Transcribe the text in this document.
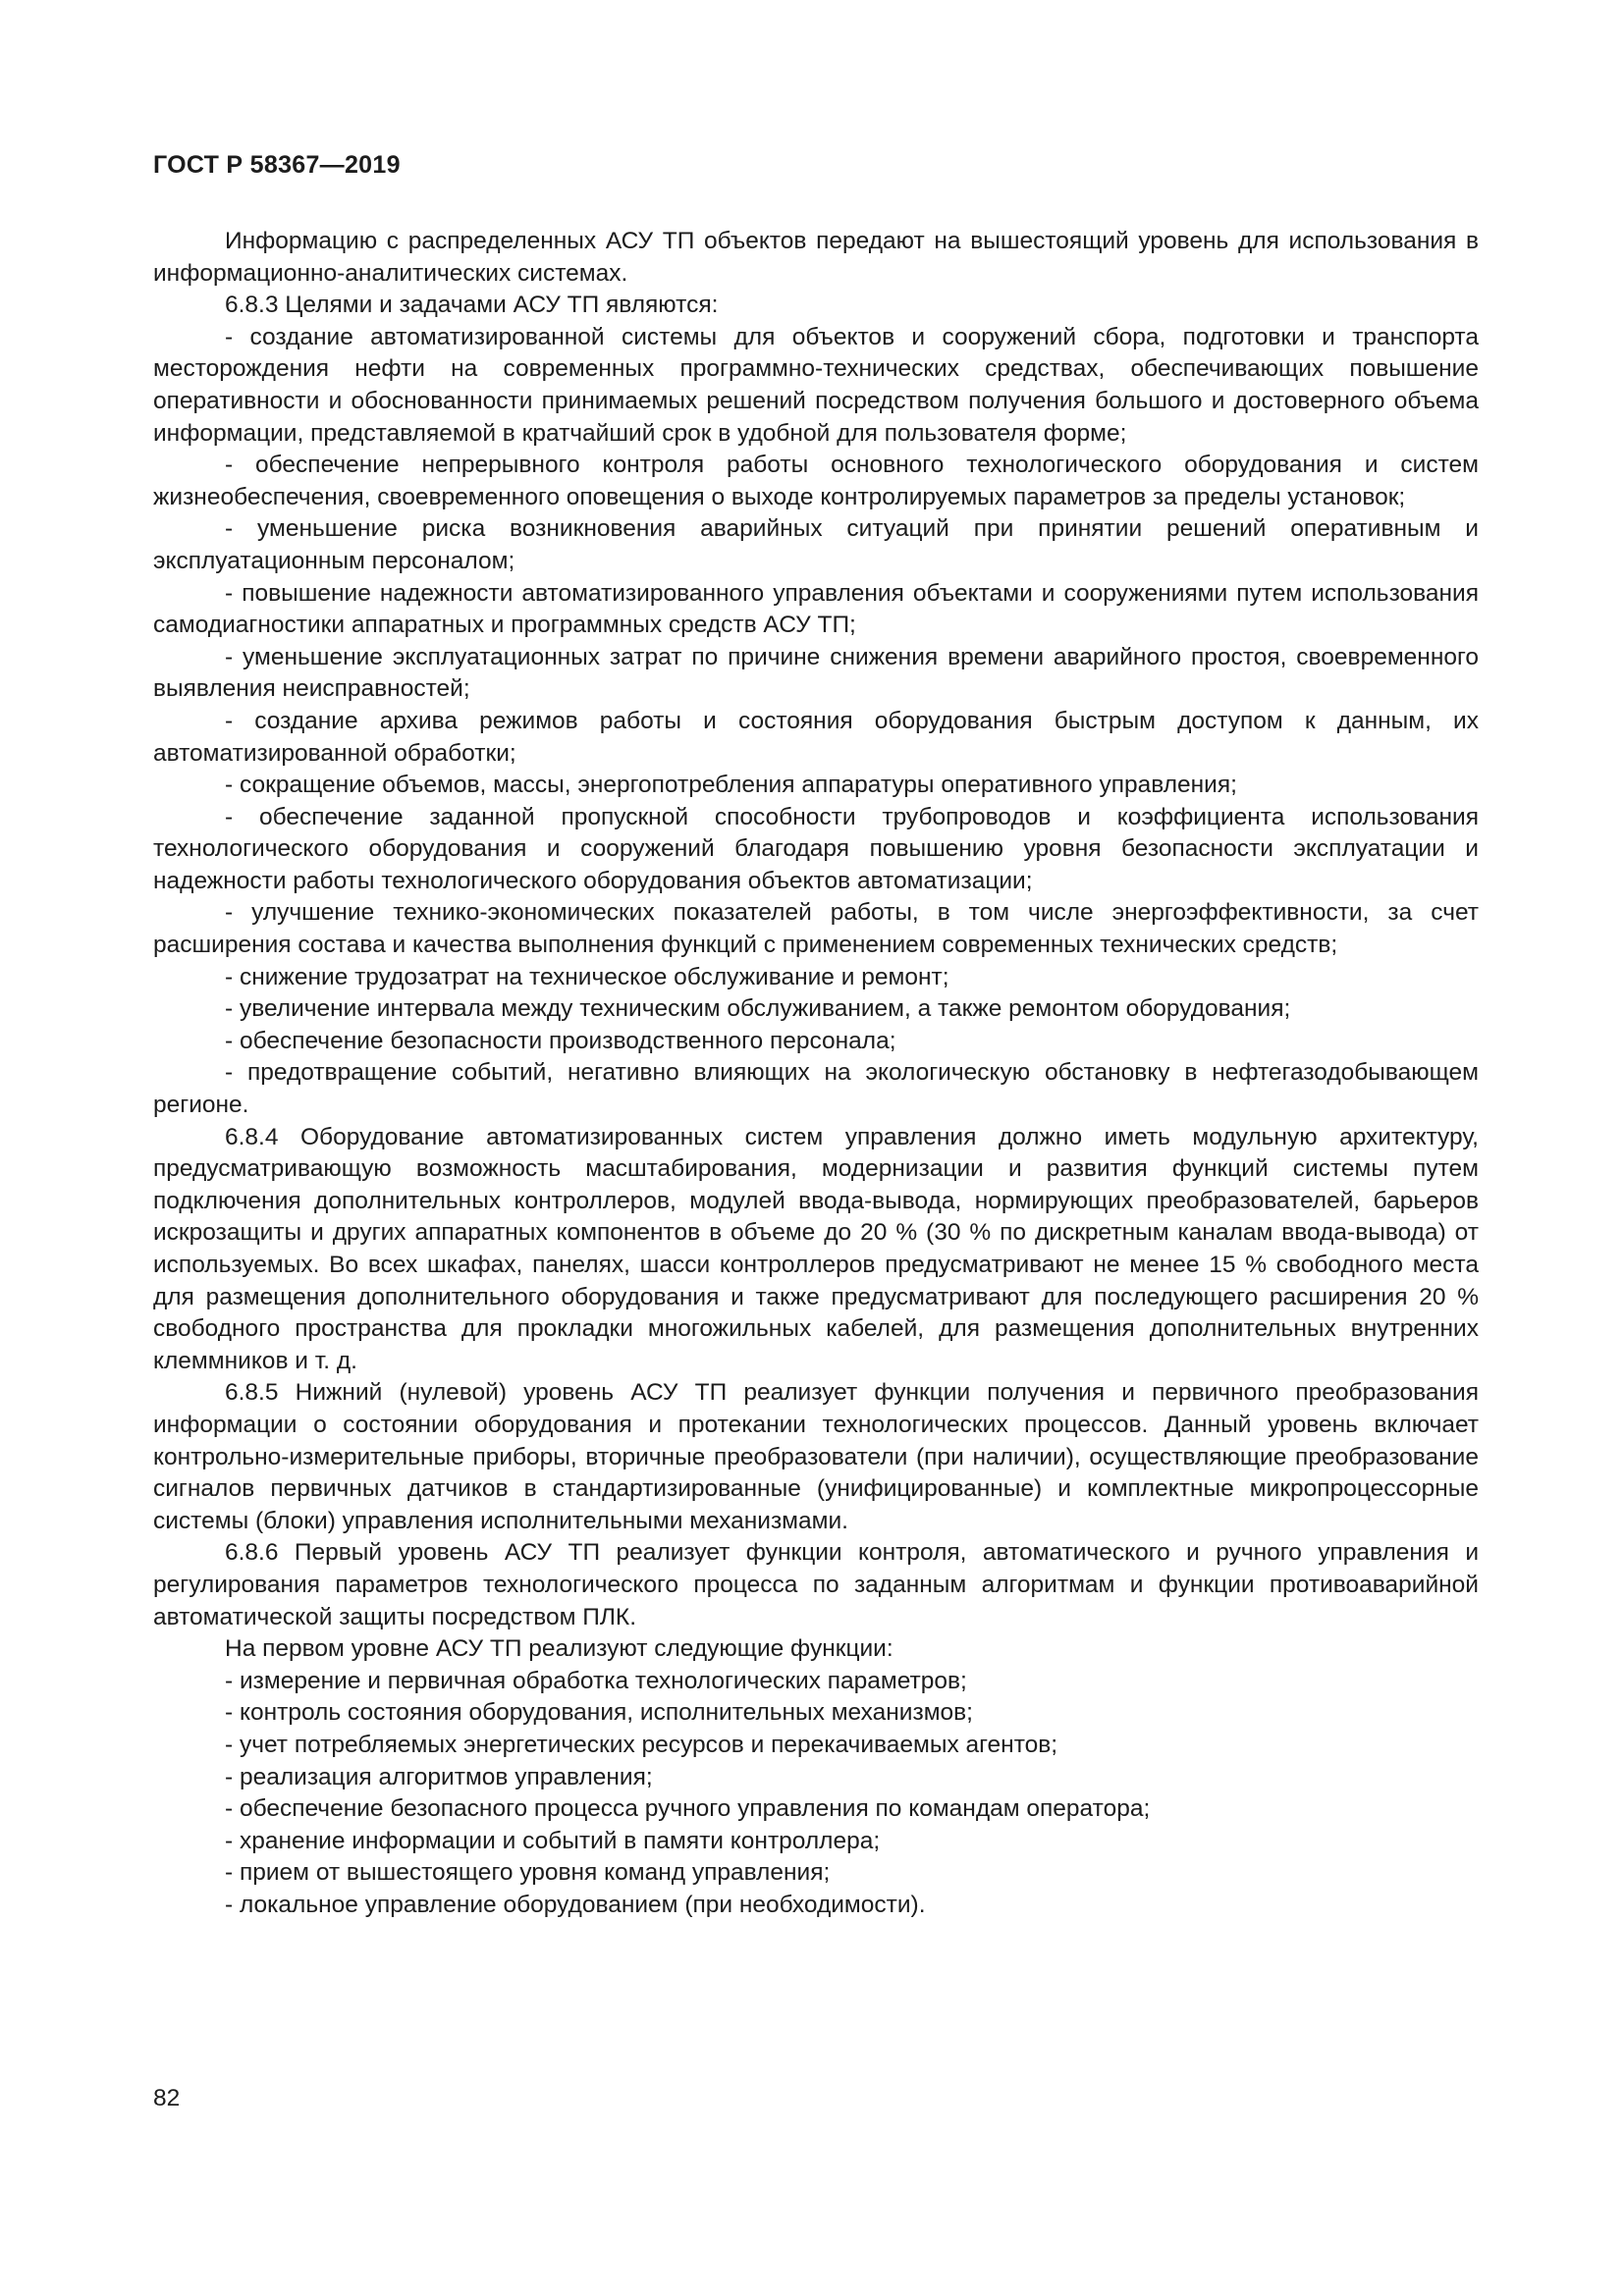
ГОСТ Р 58367—2019

Информацию с распределенных АСУ ТП объектов передают на вышестоящий уровень для использования в информационно-аналитических системах.

6.8.3 Целями и задачами АСУ ТП являются:

- создание автоматизированной системы для объектов и сооружений сбора, подготовки и транспорта месторождения нефти на современных программно-технических средствах, обеспечивающих повышение оперативности и обоснованности принимаемых решений посредством получения большого и достоверного объема информации, представляемой в кратчайший срок в удобной для пользователя форме;

- обеспечение непрерывного контроля работы основного технологического оборудования и систем жизнеобеспечения, своевременного оповещения о выходе контролируемых параметров за пределы установок;

- уменьшение риска возникновения аварийных ситуаций при принятии решений оперативным и эксплуатационным персоналом;

- повышение надежности автоматизированного управления объектами и сооружениями путем использования самодиагностики аппаратных и программных средств АСУ ТП;

- уменьшение эксплуатационных затрат по причине снижения времени аварийного простоя, своевременного выявления неисправностей;

- создание архива режимов работы и состояния оборудования быстрым доступом к данным, их автоматизированной обработки;

- сокращение объемов, массы, энергопотребления аппаратуры оперативного управления;

- обеспечение заданной пропускной способности трубопроводов и коэффициента использования технологического оборудования и сооружений благодаря повышению уровня безопасности эксплуатации и надежности работы технологического оборудования объектов автоматизации;

- улучшение технико-экономических показателей работы, в том числе энергоэффективности, за счет расширения состава и качества выполнения функций с применением современных технических средств;

- снижение трудозатрат на техническое обслуживание и ремонт;

- увеличение интервала между техническим обслуживанием, а также ремонтом оборудования;

- обеспечение безопасности производственного персонала;

- предотвращение событий, негативно влияющих на экологическую обстановку в нефтегазодобывающем регионе.

6.8.4 Оборудование автоматизированных систем управления должно иметь модульную архитектуру, предусматривающую возможность масштабирования, модернизации и развития функций системы путем подключения дополнительных контроллеров, модулей ввода-вывода, нормирующих преобразователей, барьеров искрозащиты и других аппаратных компонентов в объеме до 20 % (30 % по дискретным каналам ввода-вывода) от используемых. Во всех шкафах, панелях, шасси контроллеров предусматривают не менее 15 % свободного места для размещения дополнительного оборудования и также предусматривают для последующего расширения 20 % свободного пространства для прокладки многожильных кабелей, для размещения дополнительных внутренних клеммников и т. д.

6.8.5 Нижний (нулевой) уровень АСУ ТП реализует функции получения и первичного преобразования информации о состоянии оборудования и протекании технологических процессов. Данный уровень включает контрольно-измерительные приборы, вторичные преобразователи (при наличии), осуществляющие преобразование сигналов первичных датчиков в стандартизированные (унифицированные) и комплектные микропроцессорные системы (блоки) управления исполнительными механизмами.

6.8.6 Первый уровень АСУ ТП реализует функции контроля, автоматического и ручного управления и регулирования параметров технологического процесса по заданным алгоритмам и функции противоаварийной автоматической защиты посредством ПЛК.

На первом уровне АСУ ТП реализуют следующие функции:

- измерение и первичная обработка технологических параметров;

- контроль состояния оборудования, исполнительных механизмов;

- учет потребляемых энергетических ресурсов и перекачиваемых агентов;

- реализация алгоритмов управления;

- обеспечение безопасного процесса ручного управления по командам оператора;

- хранение информации и событий в памяти контроллера;

- прием от вышестоящего уровня команд управления;

- локальное управление оборудованием (при необходимости).

82
